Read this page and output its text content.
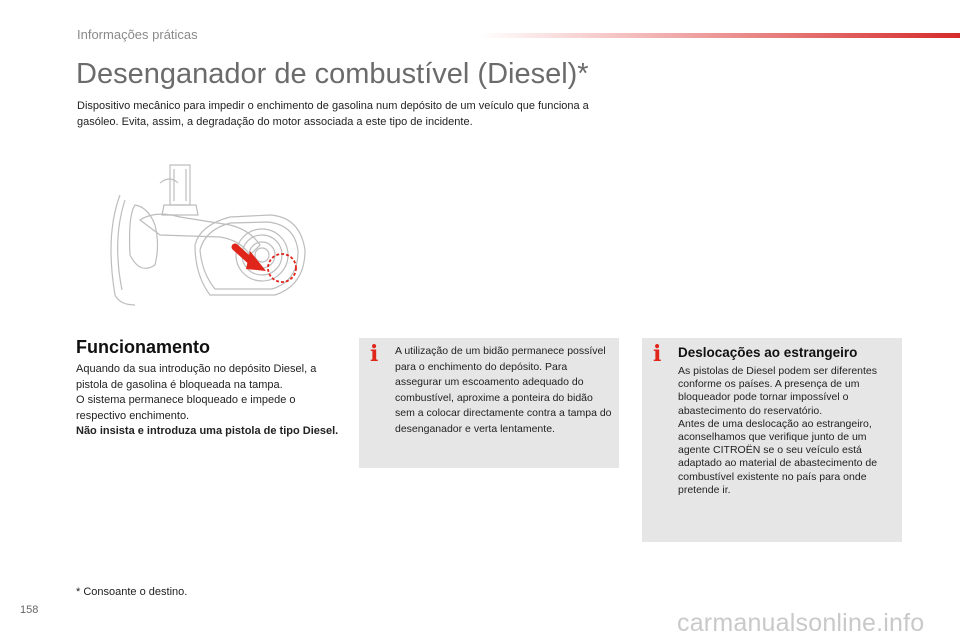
Informações práticas
Desenganador de combustível (Diesel)*

Dispositivo mecânico para impedir o enchimento de gasolina num depósito de um veículo que funciona a gasóleo. Evita, assim, a degradação do motor associada a este tipo de incidente.

Funcionamento

Aquando da sua introdução no depósito Diesel, a pistola de gasolina é bloqueada na tampa.

O sistema permanece bloqueado e impede o respectivo enchimento.

Não insista e introduza uma pistola de tipo Diesel.

i A utilização de um bidão permanece possível para o enchimento do depósito. Para assegurar um escoamento adequado do combustível, aproxime a ponteira do bidão sem a colocar directamente contra a tampa do desenganador e verta lentamente.

i Deslocações ao estrangeiro
As pistolas de Diesel podem ser diferentes conforme os países. A presença de um bloqueador pode tornar impossível o abastecimento do reservatório.
Antes de uma deslocação ao estrangeiro, aconselhamos que verifique junto de um agente CITROËN se o seu veículo está adaptado ao material de abastecimento de combustível existente no país para onde pretende ir.
* Consoante o destino.
158	carmanualsonline.info
